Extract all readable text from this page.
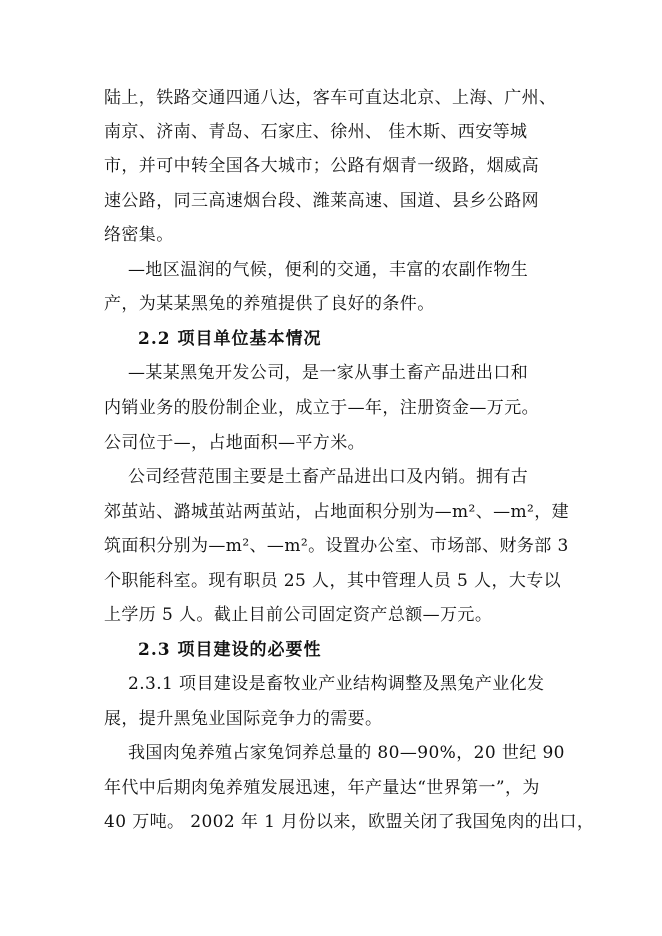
陆上，铁路交通四通八达，客车可直达北京、上海、广州、
南京、济南、青岛、石家庄、徐州、 佳木斯、西安等城
市，并可中转全国各大城市；公路有烟青一级路，烟威高
速公路，同三高速烟台段、潍莱高速、国道、县乡公路网
络密集。
—地区温润的气候，便利的交通，丰富的农副作物生
产，为某某黑兔的养殖提供了良好的条件。
2.2 项目单位基本情况
—某某黑兔开发公司，是一家从事土畜产品进出口和
内销业务的股份制企业，成立于—年，注册资金—万元。
公司位于—，占地面积—平方米。
公司经营范围主要是土畜产品进出口及内销。拥有古
郊茧站、潞城茧站两茧站，占地面积分别为—m²、—m²，建
筑面积分别为—m²、—m²。设置办公室、市场部、财务部 3
个职能科室。现有职员 25 人，其中管理人员 5 人，大专以
上学历 5 人。截止目前公司固定资产总额—万元。
2.3 项目建设的必要性
2.3.1 项目建设是畜牧业产业结构调整及黑兔产业化发
展，提升黑兔业国际竞争力的需要。
我国肉兔养殖占家兔饲养总量的 80—90%，20 世纪 90
年代中后期肉兔养殖发展迅速，年产量达“世界第一”，为
40 万吨。 2002 年 1 月份以来，欧盟关闭了我国兔肉的出口，
